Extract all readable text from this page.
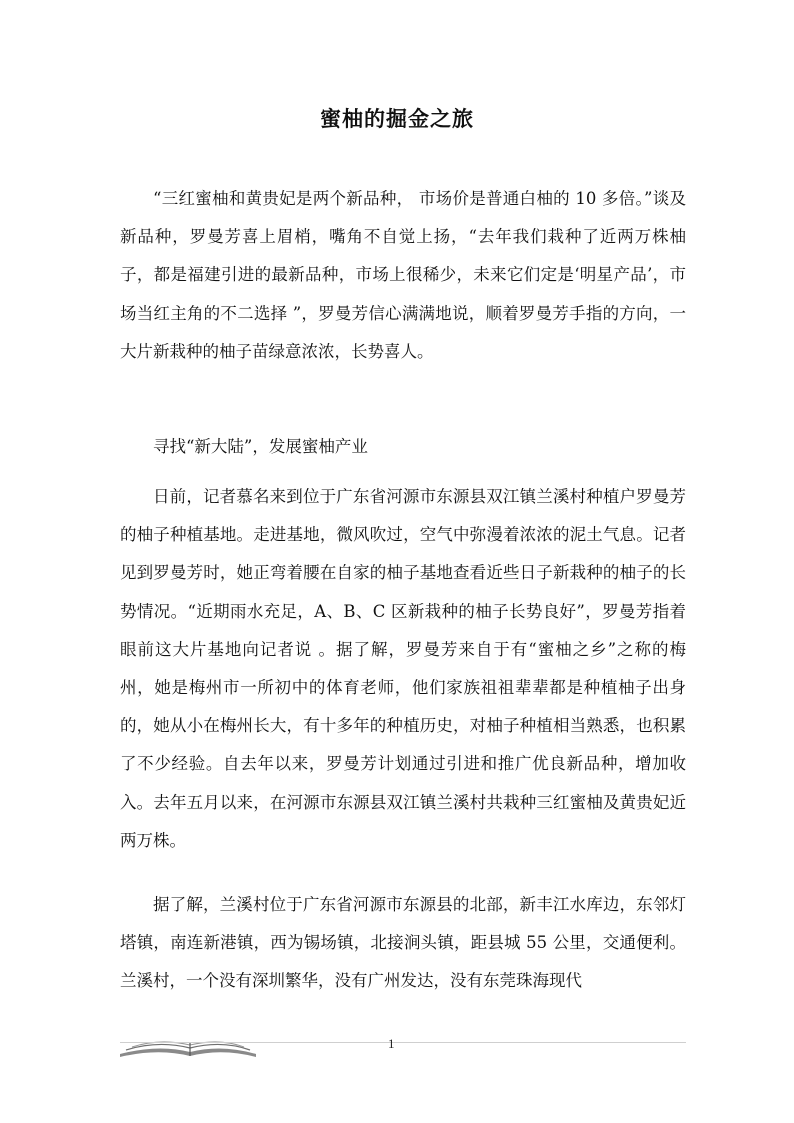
蜜柚的掘金之旅

“三红蜜柚和黄贵妃是两个新品种， 市场价是普通白柚的 10 多倍。”谈及新品种，罗曼芳喜上眉梢，嘴角不自觉上扬，“去年我们栽种了近两万株柚子，都是福建引进的最新品种，市场上很稀少，未来它们定是‘明星产品’，市场当红主角的不二选择 ”，罗曼芳信心满满地说，顺着罗曼芳手指的方向，一大片新栽种的柚子苗绿意浓浓，长势喜人。

寻找“新大陆”，发展蜜柚产业

日前，记者慕名来到位于广东省河源市东源县双江镇兰溪村种植户罗曼芳的柚子种植基地。走进基地，微风吹过，空气中弥漫着浓浓的泥土气息。记者见到罗曼芳时，她正弯着腰在自家的柚子基地查看近些日子新栽种的柚子的长势情况。“近期雨水充足，A、B、C 区新栽种的柚子长势良好”，罗曼芳指着眼前这大片基地向记者说 。据了解，罗曼芳来自于有“蜜柚之乡”之称的梅州，她是梅州市一所初中的体育老师，他们家族祖祖辈辈都是种植柚子出身的，她从小在梅州长大，有十多年的种植历史，对柚子种植相当熟悉，也积累了不少经验。自去年以来，罗曼芳计划通过引进和推广优良新品种，增加收入。去年五月以来，在河源市东源县双江镇兰溪村共栽种三红蜜柚及黄贵妃近两万株。

据了解，兰溪村位于广东省河源市东源县的北部，新丰江水库边，东邻灯塔镇，南连新港镇，西为锡场镇，北接涧头镇，距县城 55 公里，交通便利。兰溪村，一个没有深圳繁华，没有广州发达，没有东莞珠海现代

1
